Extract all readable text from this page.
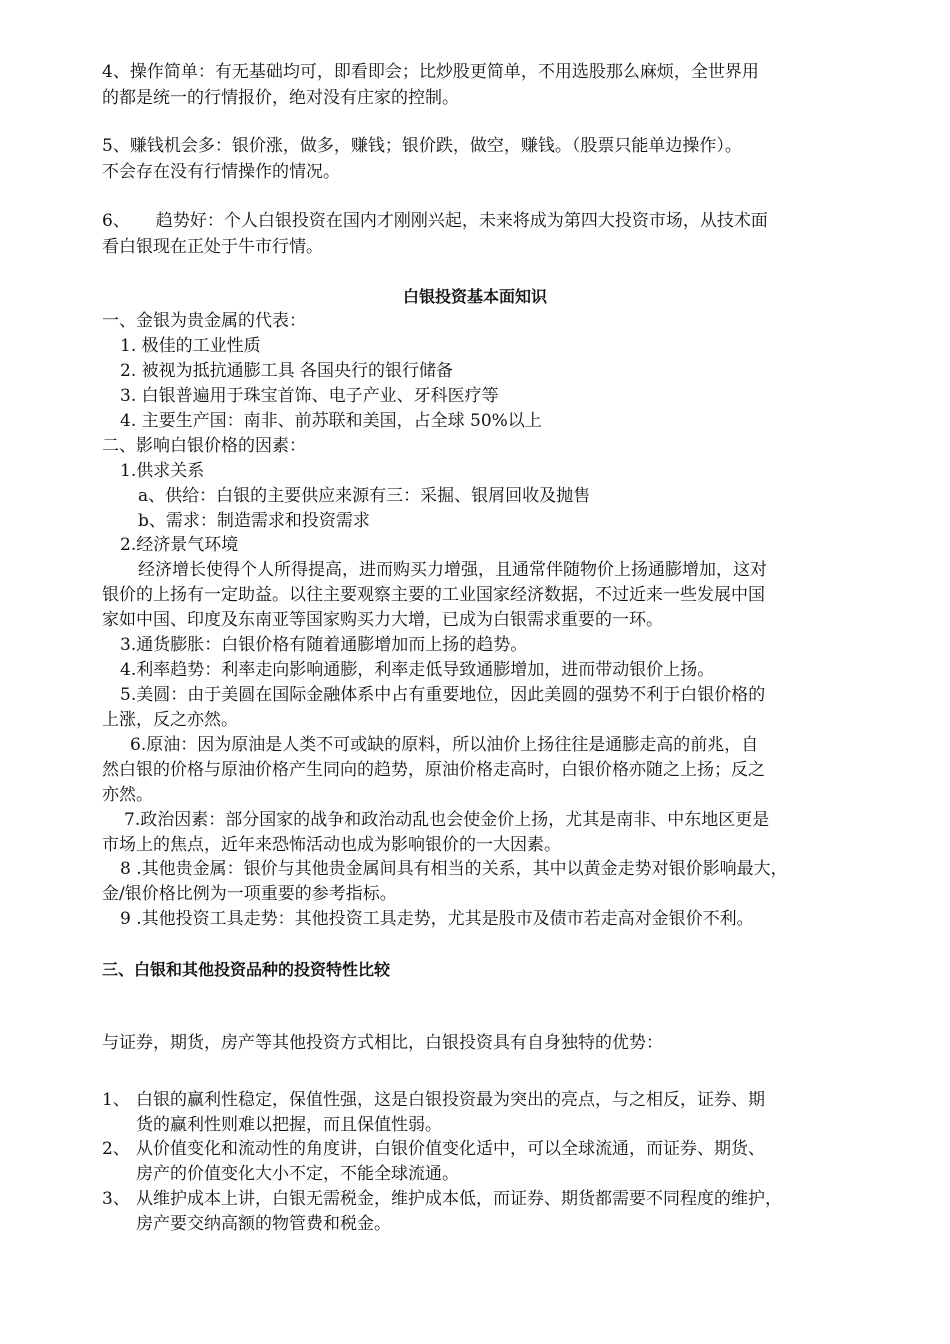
4、操作简单：有无基础均可，即看即会；比炒股更简单，不用选股那么麻烦，全世界用
的都是统一的行情报价，绝对没有庄家的控制。
5、赚钱机会多：银价涨，做多，赚钱；银价跌，做空，赚钱。（股票只能单边操作）。
不会存在没有行情操作的情况。
6、 趋势好：个人白银投资在国内才刚刚兴起，未来将成为第四大投资市场，从技术面
看白银现在正处于牛市行情。
白银投资基本面知识
一、金银为贵金属的代表：
1. 极佳的工业性质
2. 被视为抵抗通膨工具 各国央行的银行储备
3. 白银普遍用于珠宝首饰、电子产业、牙科医疗等
4. 主要生产国：南非、前苏联和美国，占全球 50%以上
二、影响白银价格的因素：
1.供求关系
a、供给：白银的主要供应来源有三：采掘、银屑回收及抛售
b、需求：制造需求和投资需求
2.经济景气环境
经济增长使得个人所得提高，进而购买力增强，且通常伴随物价上扬通膨增加，这对
银价的上扬有一定助益。以往主要观察主要的工业国家经济数据，不过近来一些发展中国
家如中国、印度及东南亚等国家购买力大增，已成为白银需求重要的一环。
3.通货膨胀：白银价格有随着通膨增加而上扬的趋势。
4.利率趋势：利率走向影响通膨，利率走低导致通膨增加，进而带动银价上扬。
5.美圆：由于美圆在国际金融体系中占有重要地位，因此美圆的强势不利于白银价格的
上涨，反之亦然。
6.原油：因为原油是人类不可或缺的原料，所以油价上扬往往是通膨走高的前兆，自
然白银的价格与原油价格产生同向的趋势，原油价格走高时，白银价格亦随之上扬；反之
亦然。
7.政治因素：部分国家的战争和政治动乱也会使金价上扬，尤其是南非、中东地区更是
市场上的焦点，近年来恐怖活动也成为影响银价的一大因素。
8 .其他贵金属：银价与其他贵金属间具有相当的关系，其中以黄金走势对银价影响最大，
金/银价格比例为一项重要的参考指标。
9 .其他投资工具走势：其他投资工具走势，尤其是股市及债市若走高对金银价不利。
三、白银和其他投资品种的投资特性比较
与证券，期货，房产等其他投资方式相比，白银投资具有自身独特的优势：
1、 白银的赢利性稳定，保值性强，这是白银投资最为突出的亮点，与之相反，证券、期
货的赢利性则难以把握，而且保值性弱。
2、 从价值变化和流动性的角度讲，白银价值变化适中，可以全球流通，而证券、期货、
房产的价值变化大小不定，不能全球流通。
3、 从维护成本上讲，白银无需税金，维护成本低，而证券、期货都需要不同程度的维护，
房产要交纳高额的物管费和税金。
